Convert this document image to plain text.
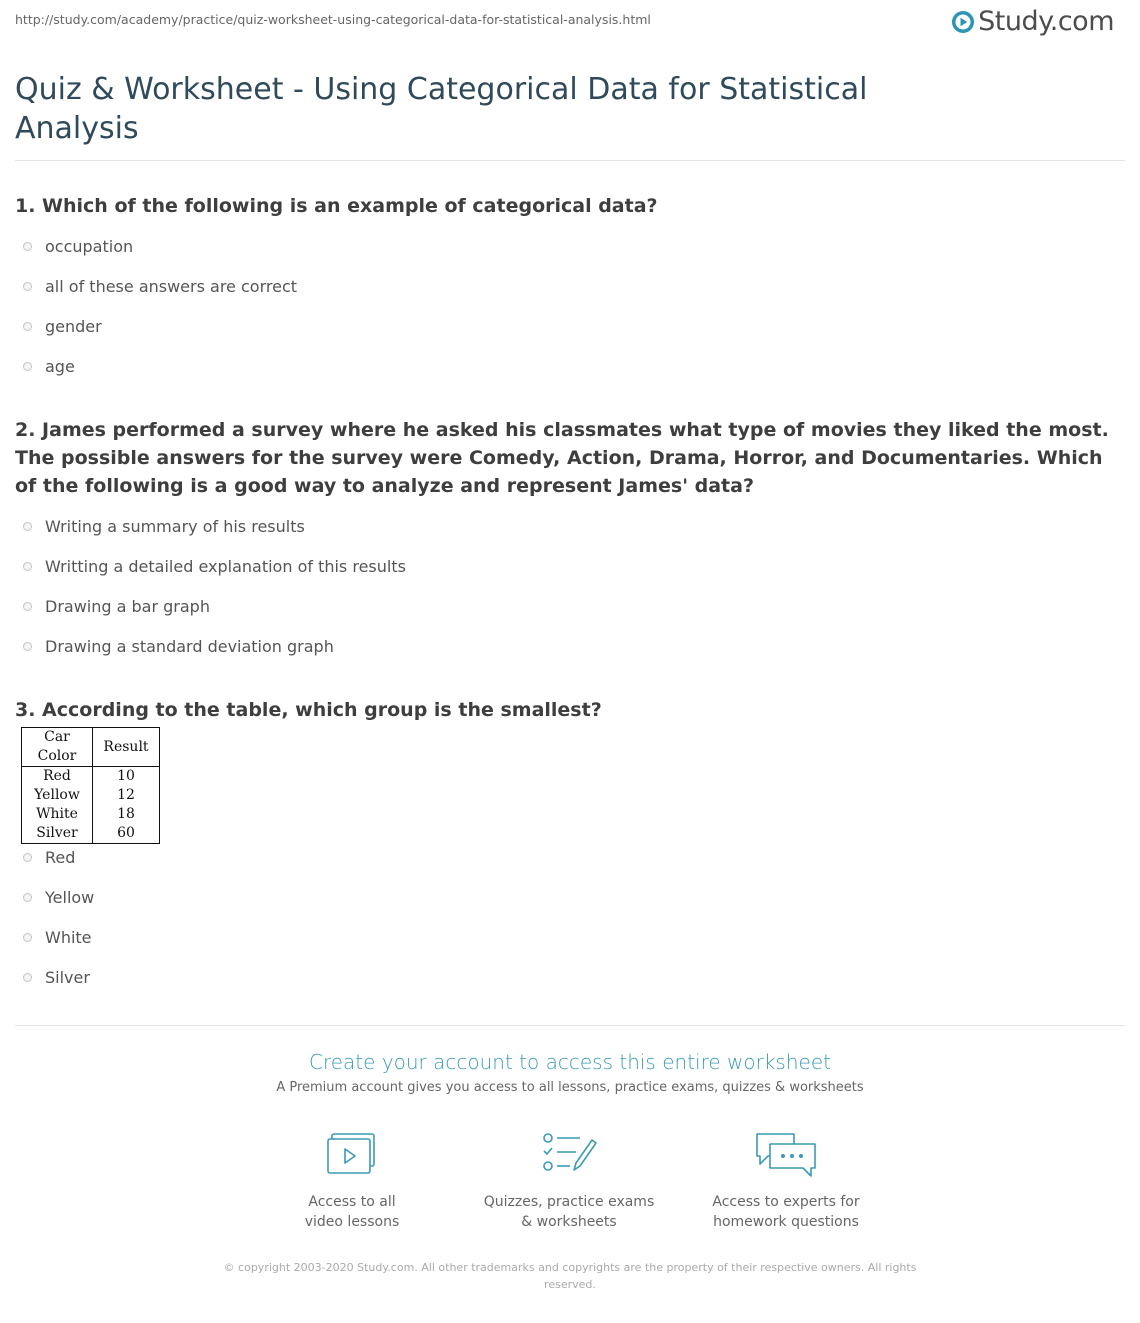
http://study.com/academy/practice/quiz-worksheet-using-categorical-data-for-statistical-analysis.html	Study.com
Quiz & Worksheet - Using Categorical Data for Statistical Analysis

1. Which of the following is an example of categorical data?

occupation
all of these answers are correct
gender
age

2. James performed a survey where he asked his classmates what type of movies they liked the most. The possible answers for the survey were Comedy, Action, Drama, Horror, and Documentaries. Which of the following is a good way to analyze and represent James' data?

Writing a summary of his results
Writting a detailed explanation of this results
Drawing a bar graph
Drawing a standard deviation graph

3. According to the table, which group is the smallest?

Car Color	Result
Red	10
Yellow	12
White	18
Silver	60
Red
Yellow
White
Silver
Create your account to access this entire worksheet
A Premium account gives you access to all lessons, practice exams, quizzes & worksheets
Access to all
video lessons
Quizzes, practice exams
& worksheets
Access to experts for
homework questions
© copyright 2003-2020 Study.com. All other trademarks and copyrights are the property of their respective owners. All rights reserved.
